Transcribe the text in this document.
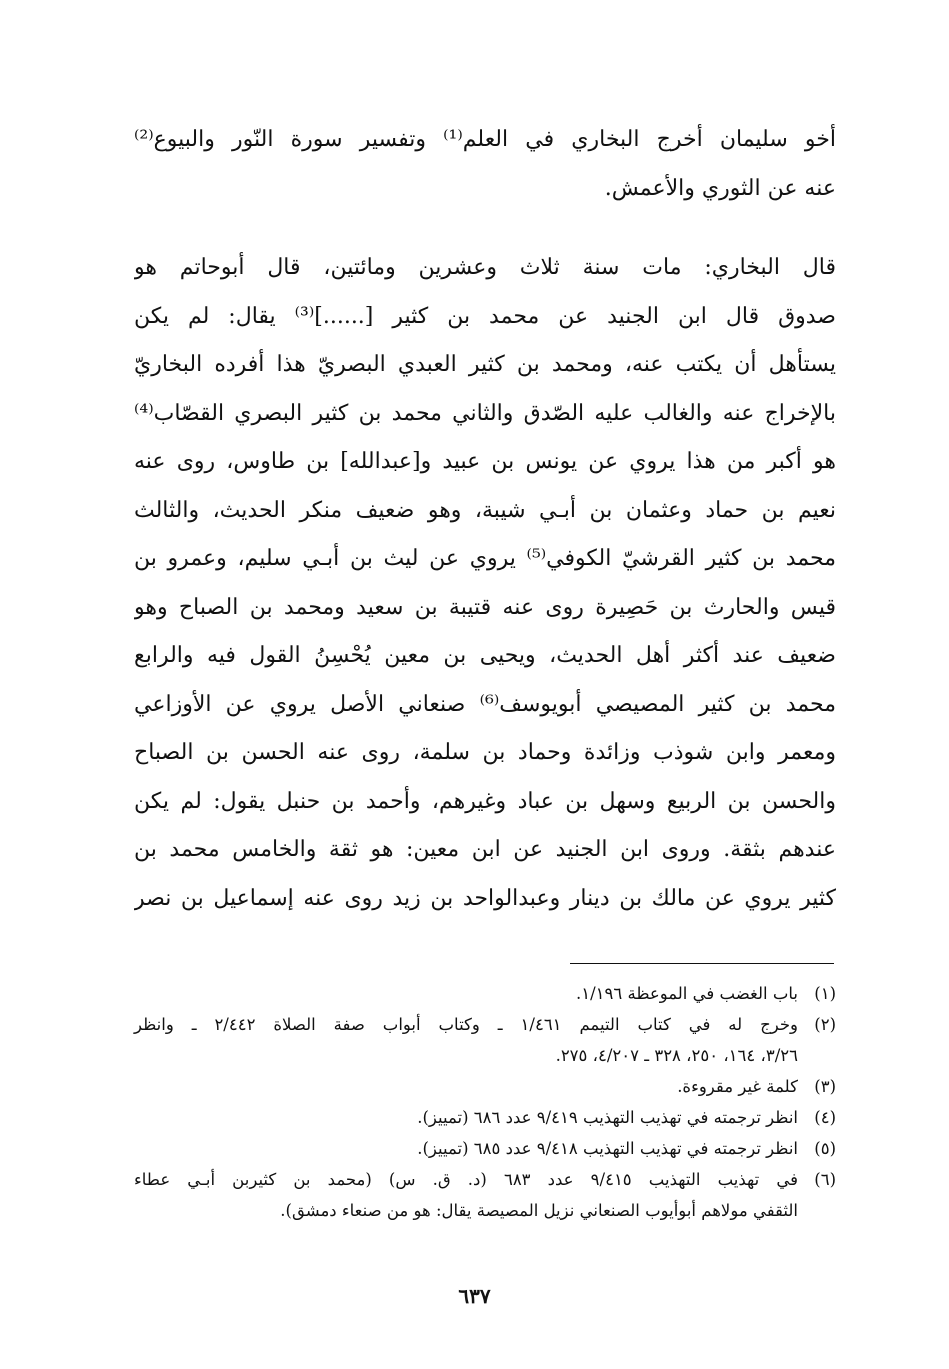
أخو سليمان أخرج البخاري في العلم⁽¹⁾ وتفسير سورة النّور والبيوع⁽²⁾
عنه عن الثوري والأعمش.

قال البخاري: مات سنة ثلاث وعشرين ومائتين، قال أبوحاتم هو
صدوق قال ابن الجنيد عن محمد بن كثير [......]⁽³⁾ يقال: لم يكن
يستأهل أن يكتب عنه، ومحمد بن كثير العبدي البصريّ هذا أفرده البخاريّ
بالإخراج عنه والغالب عليه الصّدق والثاني محمد بن كثير البصري القصّاب⁽⁴⁾
هو أكبر من هذا يروي عن يونس بن عبيد و[عبدالله] بن طاوس، روى عنه
نعيم بن حماد وعثمان بن أبـي شيبة، وهو ضعيف منكر الحديث، والثالث
محمد بن كثير القرشيّ الكوفي⁽⁵⁾ يروي عن ليث بن أبـي سليم، وعمرو بن
قيس والحارث بن حَصِيرة روى عنه قتيبة بن سعيد ومحمد بن الصباح وهو
ضعيف عند أكثر أهل الحديث، ويحيى بن معين يُحْسِنُ القول فيه والرابع
محمد بن كثير المصيصي أبويوسف⁽⁶⁾ صنعاني الأصل يروي عن الأوزاعي
ومعمر وابن شوذب وزائدة وحماد بن سلمة، روى عنه الحسن بن الصباح
والحسن بن الربيع وسهل بن عباد وغيرهم، وأحمد بن حنبل يقول: لم يكن
عندهم بثقة. وروى ابن الجنيد عن ابن معين: هو ثقة والخامس محمد بن
كثير يروي عن مالك بن دينار وعبدالواحد بن زيد روى عنه إسماعيل بن نصر

(١)
باب الغضب في الموعظة ١/١٩٦.
(٢)
وخرج له في كتاب التيمم ١/٤٦١ ـ وكتاب أبواب صفة الصلاة ٢/٤٤٢ ـ وانظر
٣/٢٦، ١٦٤، ٢٥٠، ٣٢٨ ـ ٤/٢٠٧، ٢٧٥.
(٣)
كلمة غير مقروءة.
(٤)
انظر ترجمته في تهذيب التهذيب ٩/٤١٩ عدد ٦٨٦ (تمييز).
(٥)
انظر ترجمته في تهذيب التهذيب ٩/٤١٨ عدد ٦٨٥ (تمييز).
(٦)
في تهذيب التهذيب ٩/٤١٥ عدد ٦٨٣ (د. ق. س) (محمد بن كثيربن أبـي عطاء
الثقفي مولاهم أبوأيوب الصنعاني نزيل المصيصة يقال: هو من صنعاء دمشق).
٦٣٧
